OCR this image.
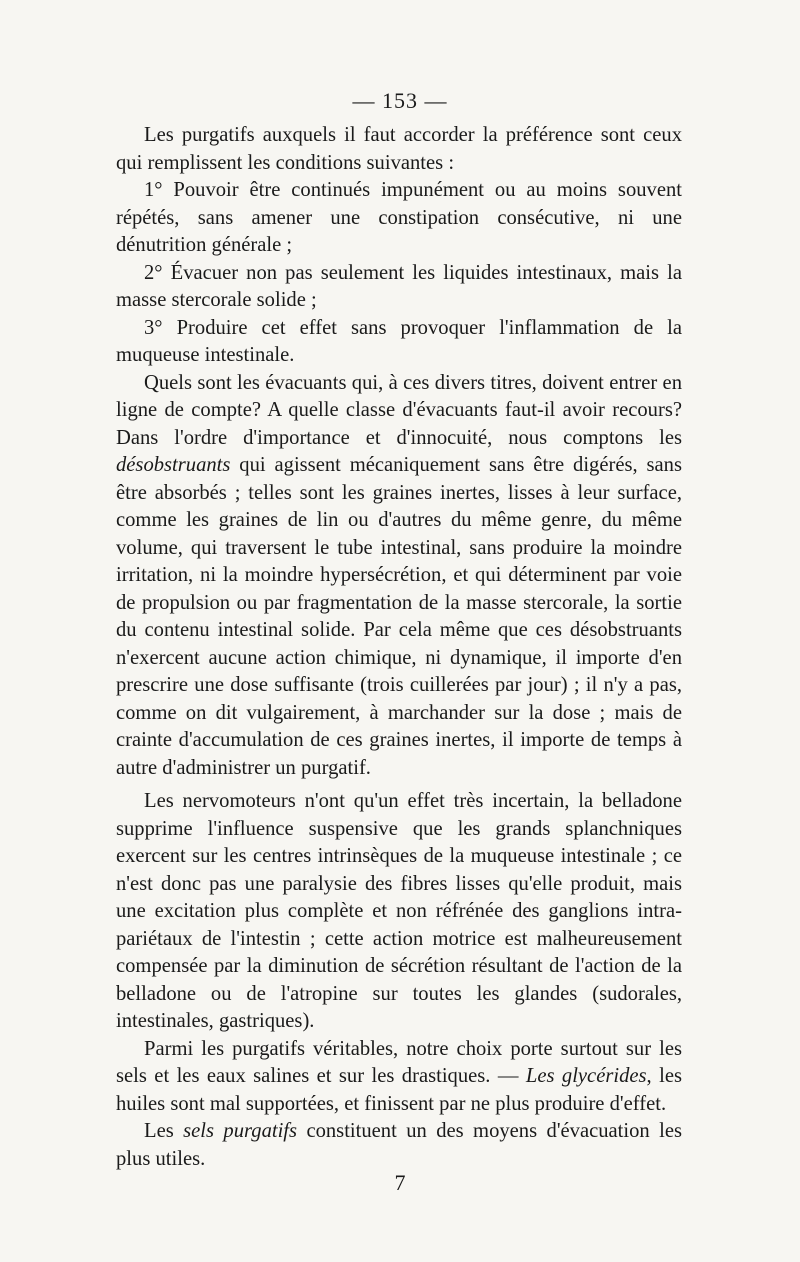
— 153 —

Les purgatifs auxquels il faut accorder la préférence sont ceux qui remplissent les conditions suivantes :

1° Pouvoir être continués impunément ou au moins souvent répétés, sans amener une constipation consécutive, ni une dénutrition générale ;

2° Évacuer non pas seulement les liquides intestinaux, mais la masse stercorale solide ;

3° Produire cet effet sans provoquer l'inflammation de la muqueuse intestinale.

Quels sont les évacuants qui, à ces divers titres, doivent entrer en ligne de compte? A quelle classe d'évacuants faut-il avoir recours? Dans l'ordre d'importance et d'innocuité, nous comptons les désobstruants qui agissent mécaniquement sans être digérés, sans être absorbés ; telles sont les graines inertes, lisses à leur surface, comme les graines de lin ou d'autres du même genre, du même volume, qui traversent le tube intestinal, sans produire la moindre irritation, ni la moindre hypersécrétion, et qui déterminent par voie de propulsion ou par fragmentation de la masse stercorale, la sortie du contenu intestinal solide. Par cela même que ces désobstruants n'exercent aucune action chimique, ni dynamique, il importe d'en prescrire une dose suffisante (trois cuillerées par jour) ; il n'y a pas, comme on dit vulgairement, à marchander sur la dose ; mais de crainte d'accumulation de ces graines inertes, il importe de temps à autre d'administrer un purgatif.

Les nervomoteurs n'ont qu'un effet très incertain, la belladone supprime l'influence suspensive que les grands splanchniques exercent sur les centres intrinsèques de la muqueuse intestinale ; ce n'est donc pas une paralysie des fibres lisses qu'elle produit, mais une excitation plus complète et non réfrénée des ganglions intra-pariétaux de l'intestin ; cette action motrice est malheureusement compensée par la diminution de sécrétion résultant de l'action de la belladone ou de l'atropine sur toutes les glandes (sudorales, intestinales, gastriques).

Parmi les purgatifs véritables, notre choix porte surtout sur les sels et les eaux salines et sur les drastiques. — Les glycérides, les huiles sont mal supportées, et finissent par ne plus produire d'effet.

Les sels purgatifs constituent un des moyens d'évacuation les plus utiles.

7
